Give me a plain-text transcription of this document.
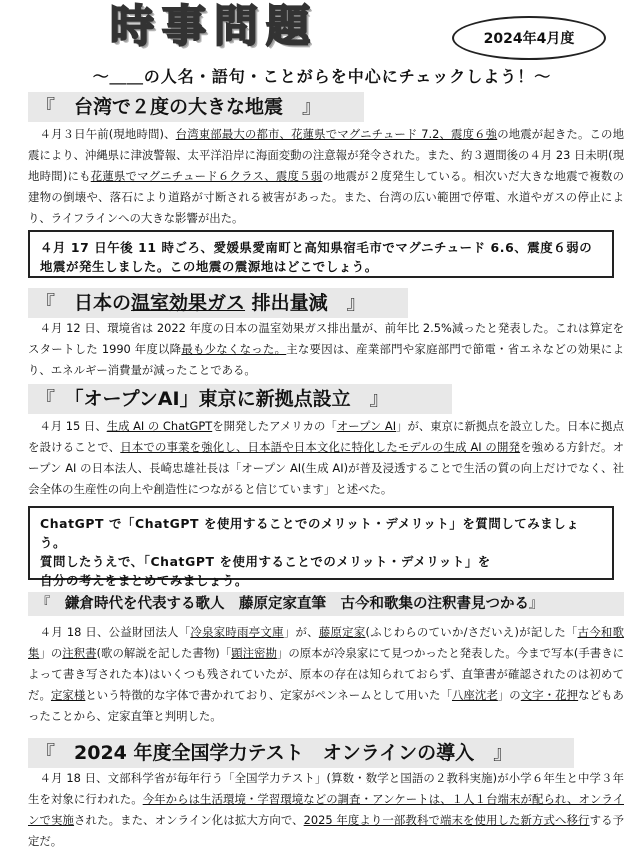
時事問題	2024年4月度
～＿＿の人名・語句・ことがらを中心にチェックしよう！～
『　台湾で２度の大きな地震　』
　４月３日午前(現地時間)、台湾東部最大の都市、花蓮県でマグニチュード 7.2、震度６強の地震が起きた。この地震により、沖縄県に津波警報、太平洋沿岸に海面変動の注意報が発令された。また、約３週間後の４月 23 日未明(現地時間)にも花蓮県でマグニチュード６クラス、震度５弱の地震が２度発生している。相次いだ大きな地震で複数の建物の倒壊や、落石により道路が寸断される被害があった。また、台湾の広い範囲で停電、水道やガスの停止により、ライフラインへの大きな影響が出た。
４月 17 日午後 11 時ごろ、愛媛県愛南町と高知県宿毛市でマグニチュード 6.6、震度６弱の地震が発生しました。この地震の震源地はどこでしょう。
『　日本の温室効果ガス 排出量減　』
　４月 12 日、環境省は 2022 年度の日本の温室効果ガス排出量が、前年比 2.5%減ったと発表した。これは算定をスタートした 1990 年度以降最も少なくなった。主な要因は、産業部門や家庭部門で節電・省エネなどの効果により、エネルギー消費量が減ったことである。
『　「オープンAI」東京に新拠点設立　』
　４月 15 日、生成 AI の ChatGPTを開発したアメリカの「オープン AI」が、東京に新拠点を設立した。日本に拠点を設けることで、日本での事業を強化し、日本語や日本文化に特化したモデルの生成 AI の開発を強める方針だ。オープン AI の日本法人、長崎忠雄社長は「オープン AI(生成 AI)が普及浸透することで生活の質の向上だけでなく、社会全体の生産性の向上や創造性につながると信じています」と述べた。
ChatGPT で「ChatGPT を使用することでのメリット・デメリット」を質問してみましょう。
質問したうえで、「ChatGPT を使用することでのメリット・デメリット」を
自分の考えをまとめてみましょう。
『　鎌倉時代を代表する歌人　藤原定家直筆　古今和歌集の注釈書見つかる』
　４月 18 日、公益財団法人「冷泉家時雨亭文庫」が、藤原定家(ふじわらのていか/さだいえ)が記した「古今和歌集」の注釈書(歌の解説を記した書物)「顕注密勘」の原本が冷泉家にて見つかったと発表した。今まで写本(手書きによって書き写された本)はいくつも残されていたが、原本の存在は知られておらず、直筆書が確認されたのは初めてだ。定家様という特徴的な字体で書かれており、定家がペンネームとして用いた「八座沈老」の文字・花押などもあったことから、定家直筆と判明した。
『　2024 年度全国学力テスト　オンラインの導入　』
　４月 18 日、文部科学省が毎年行う「全国学力テスト」(算数・数学と国語の２教科実施)が小学６年生と中学３年生を対象に行われた。今年からは生活環境・学習環境などの調査・アンケートは、１人１台端末が配られ、オンラインで実施された。また、オンライン化は拡大方向で、2025 年度より一部教科で端末を使用した新方式へ移行する予定だ。
